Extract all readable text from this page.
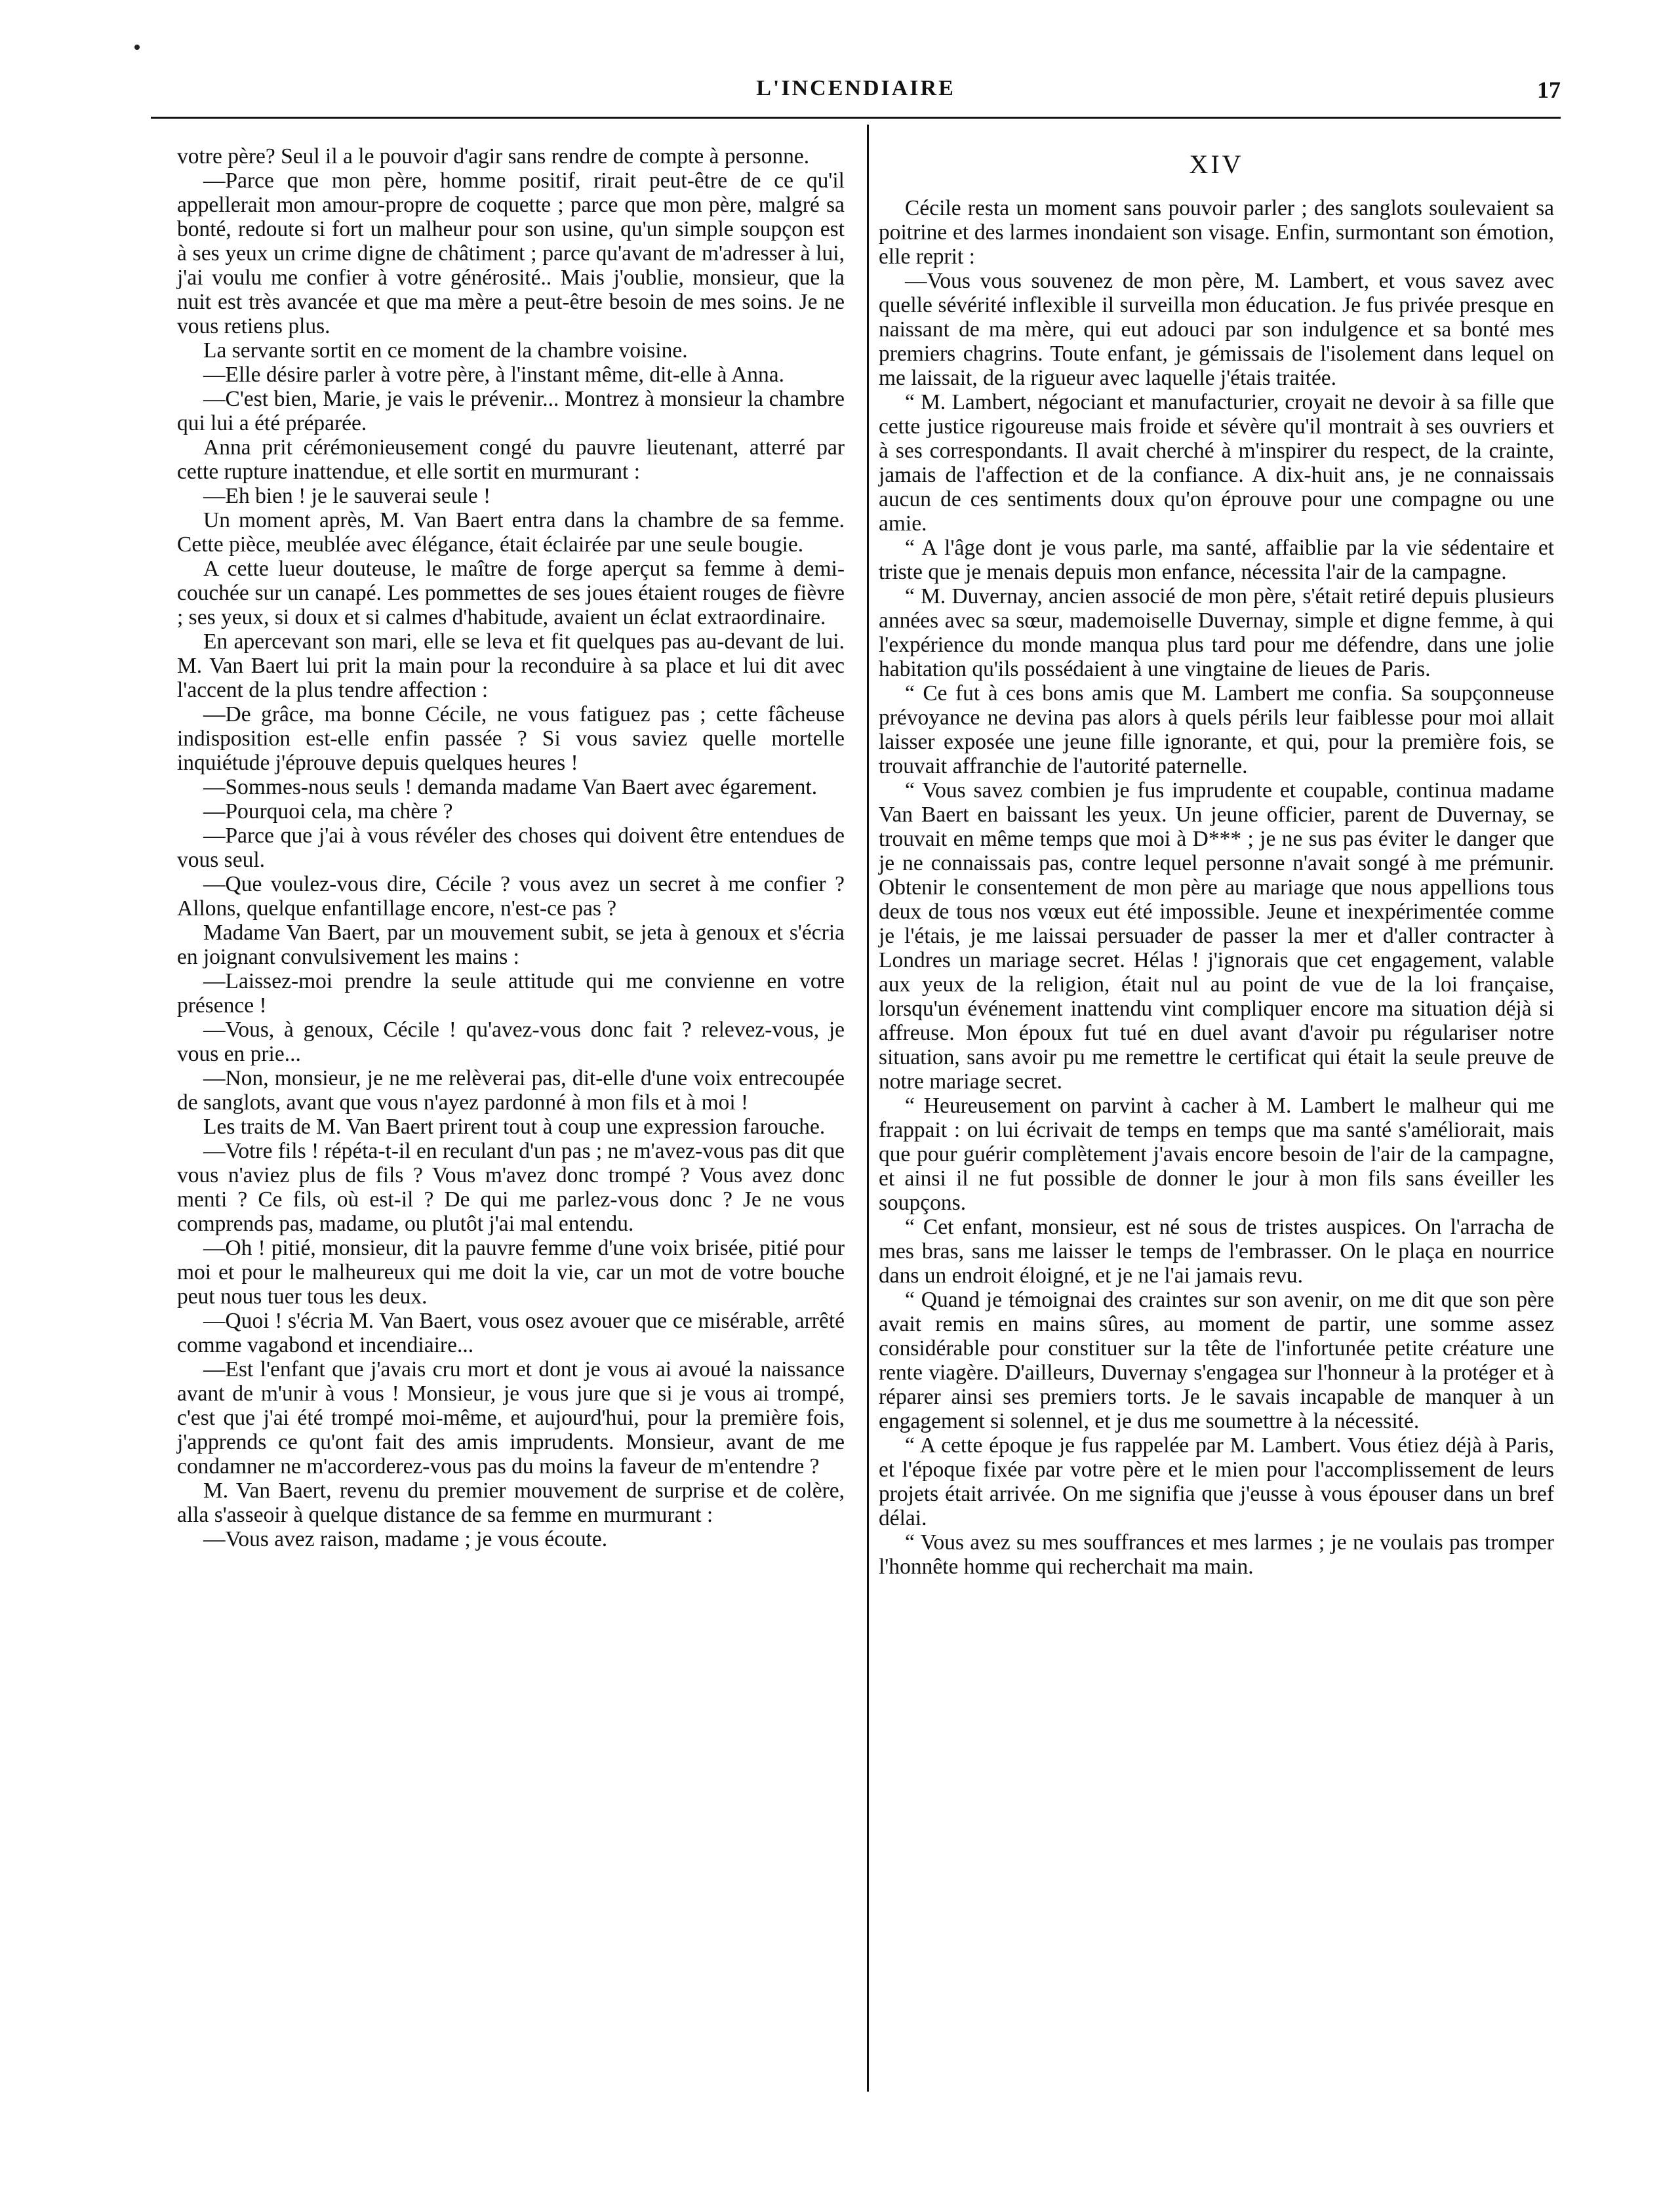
L'INCENDIAIRE	17

votre père? Seul il a le pouvoir d'agir sans rendre de compte à personne.

—Parce que mon père, homme positif, rirait peut-être de ce qu'il appellerait mon amour-propre de coquette ; parce que mon père, malgré sa bonté, redoute si fort un malheur pour son usine, qu'un simple soupçon est à ses yeux un crime digne de châtiment ; parce qu'avant de m'adresser à lui, j'ai voulu me confier à votre générosité.. Mais j'oublie, monsieur, que la nuit est très avancée et que ma mère a peut-être besoin de mes soins. Je ne vous retiens plus.

La servante sortit en ce moment de la chambre voisine.

—Elle désire parler à votre père, à l'instant même, dit-elle à Anna.

—C'est bien, Marie, je vais le prévenir... Montrez à monsieur la chambre qui lui a été préparée.

Anna prit cérémonieusement congé du pauvre lieutenant, atterré par cette rupture inattendue, et elle sortit en murmurant :

—Eh bien ! je le sauverai seule !

Un moment après, M. Van Baert entra dans la chambre de sa femme. Cette pièce, meublée avec élégance, était éclairée par une seule bougie.

A cette lueur douteuse, le maître de forge aperçut sa femme à demi-couchée sur un canapé. Les pommettes de ses joues étaient rouges de fièvre ; ses yeux, si doux et si calmes d'habitude, avaient un éclat extraordinaire.

En apercevant son mari, elle se leva et fit quelques pas au-devant de lui. M. Van Baert lui prit la main pour la reconduire à sa place et lui dit avec l'accent de la plus tendre affection :

—De grâce, ma bonne Cécile, ne vous fatiguez pas ; cette fâcheuse indisposition est-elle enfin passée ? Si vous saviez quelle mortelle inquiétude j'éprouve depuis quelques heures !

—Sommes-nous seuls ! demanda madame Van Baert avec égarement.

—Pourquoi cela, ma chère ?

—Parce que j'ai à vous révéler des choses qui doivent être entendues de vous seul.

—Que voulez-vous dire, Cécile ? vous avez un secret à me confier ? Allons, quelque enfantillage encore, n'est-ce pas ?

Madame Van Baert, par un mouvement subit, se jeta à genoux et s'écria en joignant convulsivement les mains :

—Laissez-moi prendre la seule attitude qui me convienne en votre présence !

—Vous, à genoux, Cécile ! qu'avez-vous donc fait ? relevez-vous, je vous en prie...

—Non, monsieur, je ne me relèverai pas, dit-elle d'une voix entrecoupée de sanglots, avant que vous n'ayez pardonné à mon fils et à moi !

Les traits de M. Van Baert prirent tout à coup une expression farouche.

—Votre fils ! répéta-t-il en reculant d'un pas ; ne m'avez-vous pas dit que vous n'aviez plus de fils ? Vous m'avez donc trompé ? Vous avez donc menti ? Ce fils, où est-il ? De qui me parlez-vous donc ? Je ne vous comprends pas, madame, ou plutôt j'ai mal entendu.

—Oh ! pitié, monsieur, dit la pauvre femme d'une voix brisée, pitié pour moi et pour le malheureux qui me doit la vie, car un mot de votre bouche peut nous tuer tous les deux.

—Quoi ! s'écria M. Van Baert, vous osez avouer que ce misérable, arrêté comme vagabond et incendiaire...

—Est l'enfant que j'avais cru mort et dont je vous ai avoué la naissance avant de m'unir à vous ! Monsieur, je vous jure que si je vous ai trompé, c'est que j'ai été trompé moi-même, et aujourd'hui, pour la première fois, j'apprends ce qu'ont fait des amis imprudents. Monsieur, avant de me condamner ne m'accorderez-vous pas du moins la faveur de m'entendre ?

M. Van Baert, revenu du premier mouvement de surprise et de colère, alla s'asseoir à quelque distance de sa femme en murmurant :

—Vous avez raison, madame ; je vous écoute.

XIV

Cécile resta un moment sans pouvoir parler ; des sanglots soulevaient sa poitrine et des larmes inondaient son visage. Enfin, surmontant son émotion, elle reprit :

—Vous vous souvenez de mon père, M. Lambert, et vous savez avec quelle sévérité inflexible il surveilla mon éducation. Je fus privée presque en naissant de ma mère, qui eut adouci par son indulgence et sa bonté mes premiers chagrins. Toute enfant, je gémissais de l'isolement dans lequel on me laissait, de la rigueur avec laquelle j'étais traitée.

“ M. Lambert, négociant et manufacturier, croyait ne devoir à sa fille que cette justice rigoureuse mais froide et sévère qu'il montrait à ses ouvriers et à ses correspondants. Il avait cherché à m'inspirer du respect, de la crainte, jamais de l'affection et de la confiance. A dix-huit ans, je ne connaissais aucun de ces sentiments doux qu'on éprouve pour une compagne ou une amie.

“ A l'âge dont je vous parle, ma santé, affaiblie par la vie sédentaire et triste que je menais depuis mon enfance, nécessita l'air de la campagne.

“ M. Duvernay, ancien associé de mon père, s'était retiré depuis plusieurs années avec sa sœur, mademoiselle Duvernay, simple et digne femme, à qui l'expérience du monde manqua plus tard pour me défendre, dans une jolie habitation qu'ils possédaient à une vingtaine de lieues de Paris.

“ Ce fut à ces bons amis que M. Lambert me confia. Sa soupçonneuse prévoyance ne devina pas alors à quels périls leur faiblesse pour moi allait laisser exposée une jeune fille ignorante, et qui, pour la première fois, se trouvait affranchie de l'autorité paternelle.

“ Vous savez combien je fus imprudente et coupable, continua madame Van Baert en baissant les yeux. Un jeune officier, parent de Duvernay, se trouvait en même temps que moi à D*** ; je ne sus pas éviter le danger que je ne connaissais pas, contre lequel personne n'avait songé à me prémunir. Obtenir le consentement de mon père au mariage que nous appellions tous deux de tous nos vœux eut été impossible. Jeune et inexpérimentée comme je l'étais, je me laissai persuader de passer la mer et d'aller contracter à Londres un mariage secret. Hélas ! j'ignorais que cet engagement, valable aux yeux de la religion, était nul au point de vue de la loi française, lorsqu'un événement inattendu vint compliquer encore ma situation déjà si affreuse. Mon époux fut tué en duel avant d'avoir pu régulariser notre situation, sans avoir pu me remettre le certificat qui était la seule preuve de notre mariage secret.

“ Heureusement on parvint à cacher à M. Lambert le malheur qui me frappait : on lui écrivait de temps en temps que ma santé s'améliorait, mais que pour guérir complètement j'avais encore besoin de l'air de la campagne, et ainsi il ne fut possible de donner le jour à mon fils sans éveiller les soupçons.

“ Cet enfant, monsieur, est né sous de tristes auspices. On l'arracha de mes bras, sans me laisser le temps de l'embrasser. On le plaça en nourrice dans un endroit éloigné, et je ne l'ai jamais revu.

“ Quand je témoignai des craintes sur son avenir, on me dit que son père avait remis en mains sûres, au moment de partir, une somme assez considérable pour constituer sur la tête de l'infortunée petite créature une rente viagère. D'ailleurs, Duvernay s'engagea sur l'honneur à la protéger et à réparer ainsi ses premiers torts. Je le savais incapable de manquer à un engagement si solennel, et je dus me soumettre à la nécessité.

“ A cette époque je fus rappelée par M. Lambert. Vous étiez déjà à Paris, et l'époque fixée par votre père et le mien pour l'accomplissement de leurs projets était arrivée. On me signifia que j'eusse à vous épouser dans un bref délai.

“ Vous avez su mes souffrances et mes larmes ; je ne voulais pas tromper l'honnête homme qui recherchait ma main.
